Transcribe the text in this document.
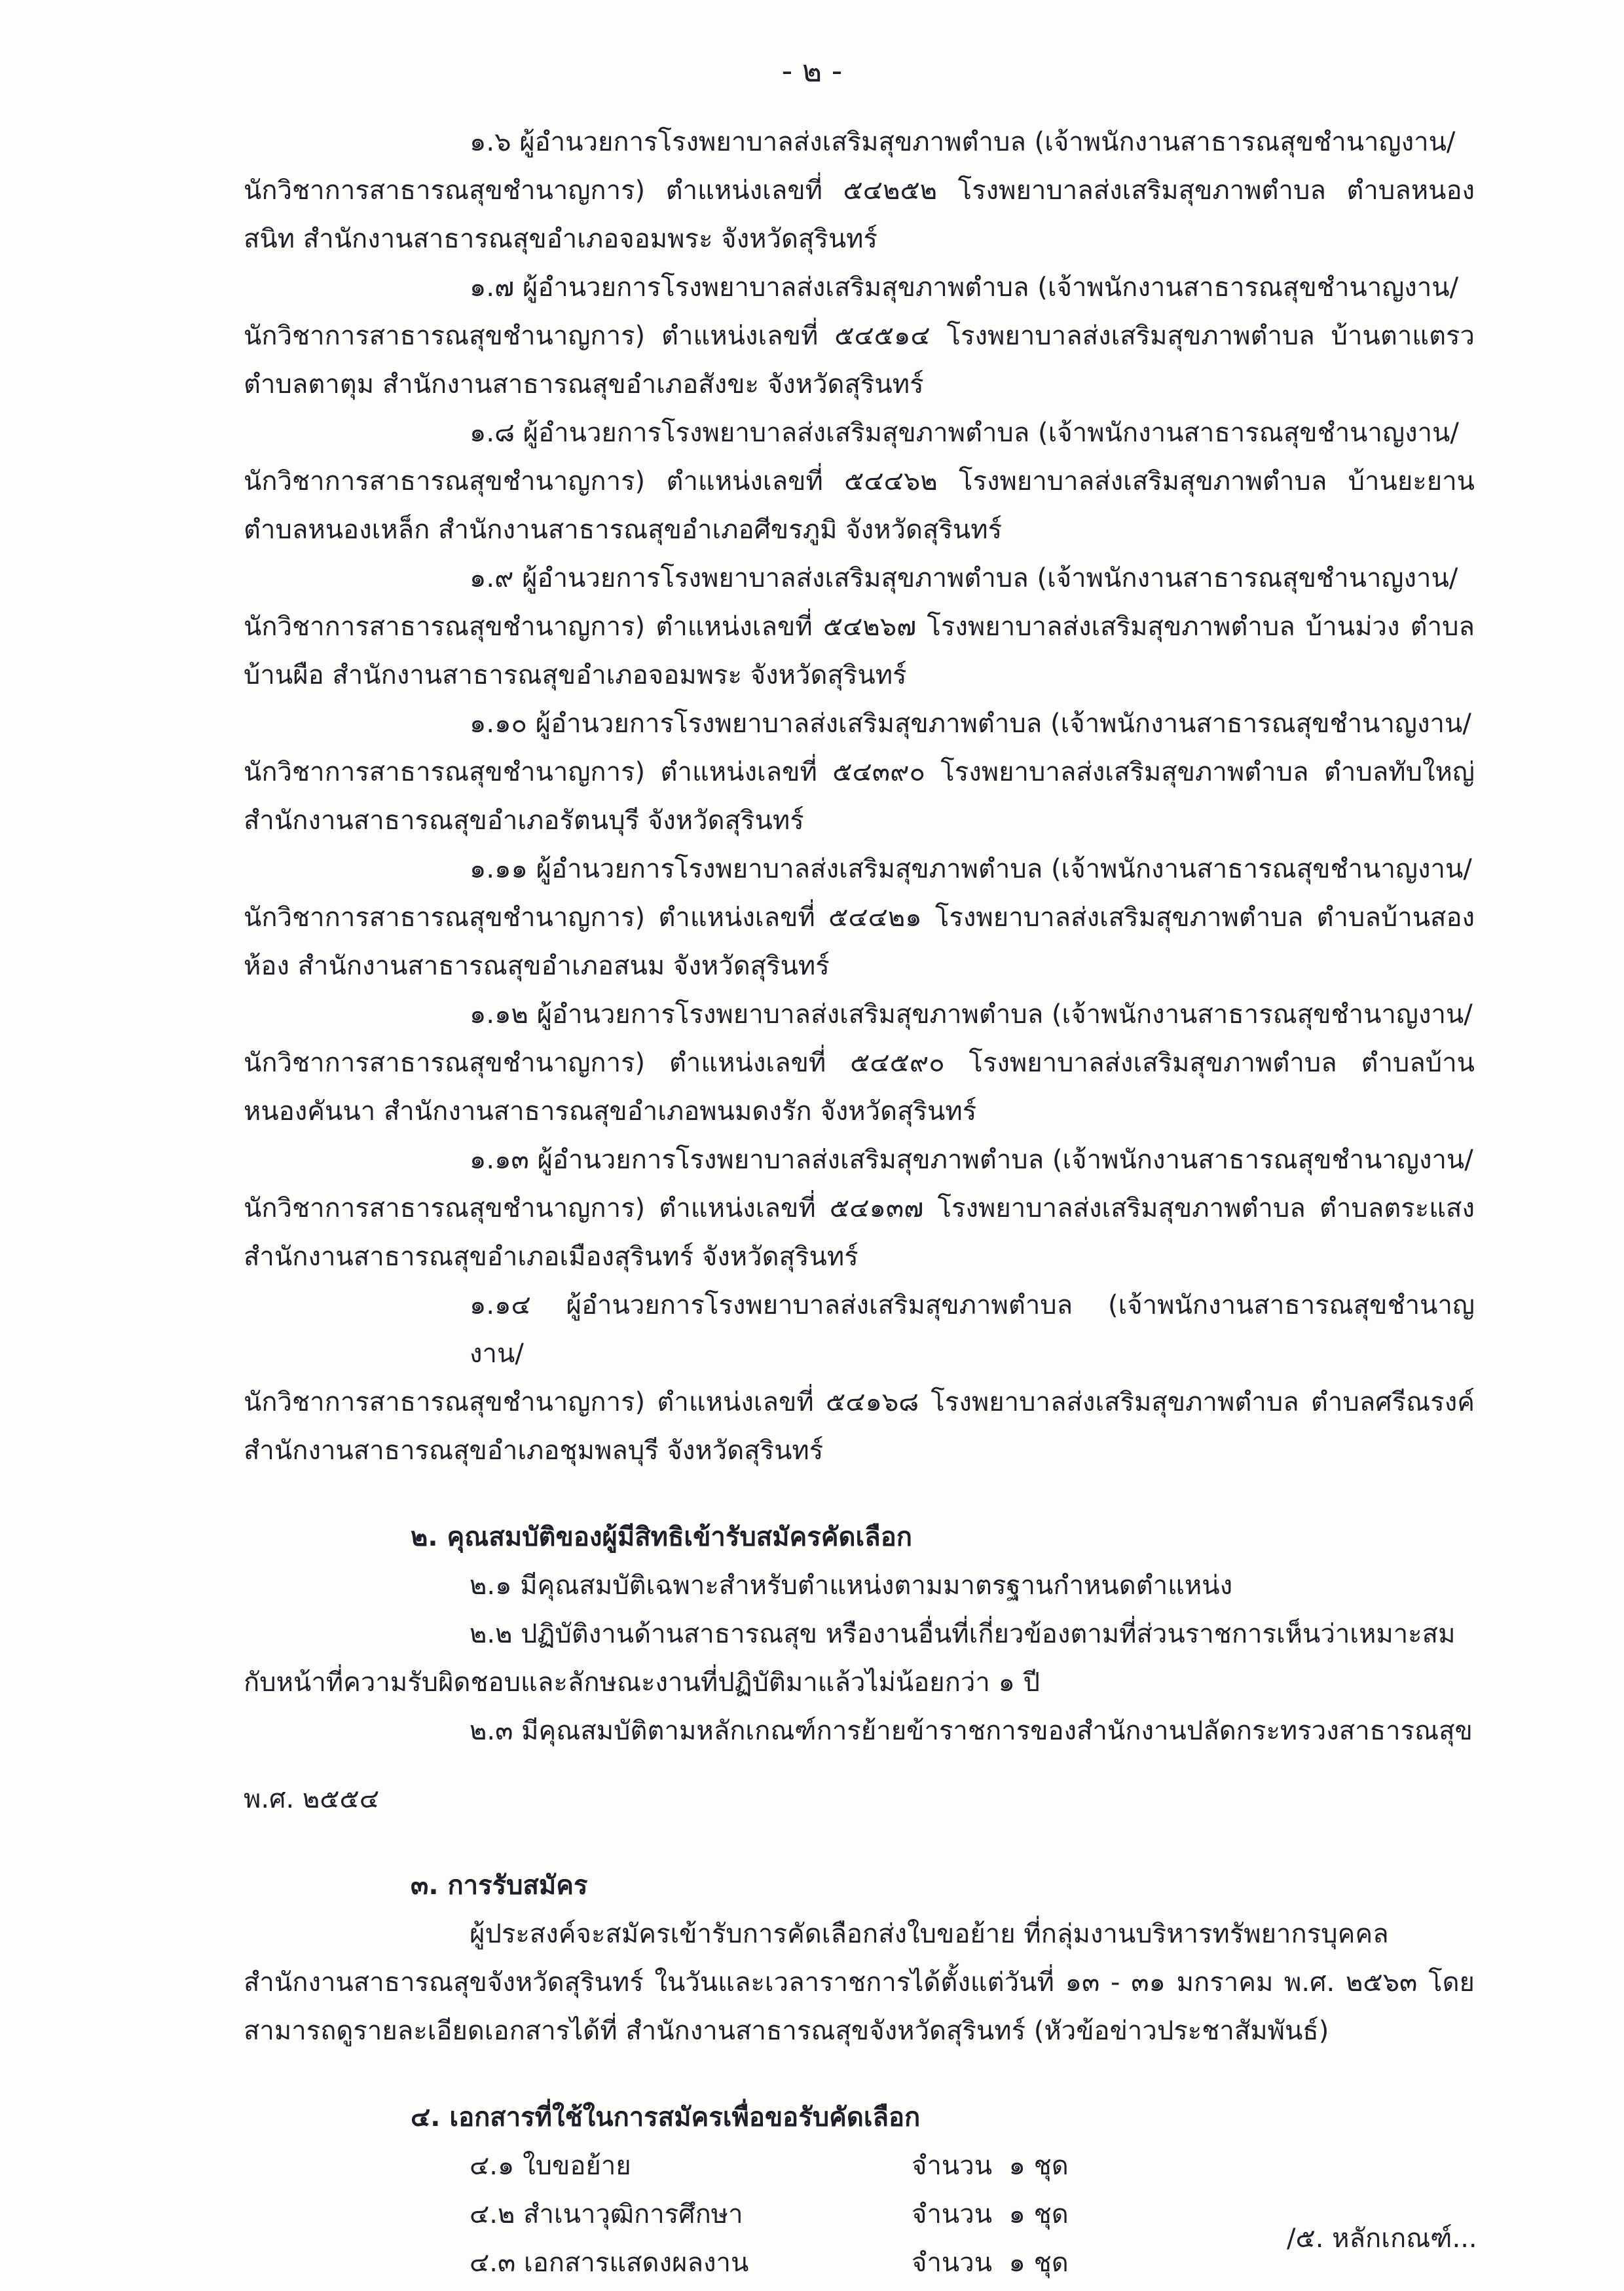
- ๒ -

๑.๖ ผู้อำนวยการโรงพยาบาลส่งเสริมสุขภาพตำบล (เจ้าพนักงานสาธารณสุขชำนาญงาน/
นักวิชาการสาธารณสุขชำนาญการ) ตำแหน่งเลขที่ ๕๔๒๕๒ โรงพยาบาลส่งเสริมสุขภาพตำบล ตำบลหนองสนิท สำนักงานสาธารณสุขอำเภอจอมพระ จังหวัดสุรินทร์

๑.๗ ผู้อำนวยการโรงพยาบาลส่งเสริมสุขภาพตำบล (เจ้าพนักงานสาธารณสุขชำนาญงาน/
นักวิชาการสาธารณสุขชำนาญการ) ตำแหน่งเลขที่ ๕๔๕๑๔ โรงพยาบาลส่งเสริมสุขภาพตำบล บ้านตาแตรว ตำบลตาตุม สำนักงานสาธารณสุขอำเภอสังขะ จังหวัดสุรินทร์

๑.๘ ผู้อำนวยการโรงพยาบาลส่งเสริมสุขภาพตำบล (เจ้าพนักงานสาธารณสุขชำนาญงาน/
นักวิชาการสาธารณสุขชำนาญการ) ตำแหน่งเลขที่ ๕๔๔๖๒ โรงพยาบาลส่งเสริมสุขภาพตำบล บ้านยะยาน ตำบลหนองเหล็ก สำนักงานสาธารณสุขอำเภอศีขรภูมิ จังหวัดสุรินทร์

๑.๙ ผู้อำนวยการโรงพยาบาลส่งเสริมสุขภาพตำบล (เจ้าพนักงานสาธารณสุขชำนาญงาน/
นักวิชาการสาธารณสุขชำนาญการ) ตำแหน่งเลขที่ ๕๔๒๖๗ โรงพยาบาลส่งเสริมสุขภาพตำบล บ้านม่วง ตำบลบ้านผือ สำนักงานสาธารณสุขอำเภอจอมพระ จังหวัดสุรินทร์

๑.๑๐ ผู้อำนวยการโรงพยาบาลส่งเสริมสุขภาพตำบล (เจ้าพนักงานสาธารณสุขชำนาญงาน/
นักวิชาการสาธารณสุขชำนาญการ) ตำแหน่งเลขที่ ๕๔๓๙๐ โรงพยาบาลส่งเสริมสุขภาพตำบล ตำบลทับใหญ่ สำนักงานสาธารณสุขอำเภอรัตนบุรี จังหวัดสุรินทร์

๑.๑๑ ผู้อำนวยการโรงพยาบาลส่งเสริมสุขภาพตำบล (เจ้าพนักงานสาธารณสุขชำนาญงาน/
นักวิชาการสาธารณสุขชำนาญการ) ตำแหน่งเลขที่ ๕๔๔๒๑ โรงพยาบาลส่งเสริมสุขภาพตำบล ตำบลบ้านสองห้อง สำนักงานสาธารณสุขอำเภอสนม จังหวัดสุรินทร์

๑.๑๒ ผู้อำนวยการโรงพยาบาลส่งเสริมสุขภาพตำบล (เจ้าพนักงานสาธารณสุขชำนาญงาน/
นักวิชาการสาธารณสุขชำนาญการ) ตำแหน่งเลขที่ ๕๔๕๙๐ โรงพยาบาลส่งเสริมสุขภาพตำบล ตำบลบ้านหนองคันนา สำนักงานสาธารณสุขอำเภอพนมดงรัก จังหวัดสุรินทร์

๑.๑๓ ผู้อำนวยการโรงพยาบาลส่งเสริมสุขภาพตำบล (เจ้าพนักงานสาธารณสุขชำนาญงาน/
นักวิชาการสาธารณสุขชำนาญการ) ตำแหน่งเลขที่ ๕๔๑๓๗ โรงพยาบาลส่งเสริมสุขภาพตำบล ตำบลตระแสง สำนักงานสาธารณสุขอำเภอเมืองสุรินทร์ จังหวัดสุรินทร์

๑.๑๔ ผู้อำนวยการโรงพยาบาลส่งเสริมสุขภาพตำบล (เจ้าพนักงานสาธารณสุขชำนาญงาน/
นักวิชาการสาธารณสุขชำนาญการ) ตำแหน่งเลขที่ ๕๔๑๖๘ โรงพยาบาลส่งเสริมสุขภาพตำบล ตำบลศรีณรงค์ สำนักงานสาธารณสุขอำเภอชุมพลบุรี จังหวัดสุรินทร์

๒. คุณสมบัติของผู้มีสิทธิเข้ารับสมัครคัดเลือก

๒.๑ มีคุณสมบัติเฉพาะสำหรับตำแหน่งตามมาตรฐานกำหนดตำแหน่ง

๒.๒ ปฏิบัติงานด้านสาธารณสุข หรืองานอื่นที่เกี่ยวข้องตามที่ส่วนราชการเห็นว่าเหมาะสม
กับหน้าที่ความรับผิดชอบและลักษณะงานที่ปฏิบัติมาแล้วไม่น้อยกว่า ๑ ปี

๒.๓ มีคุณสมบัติตามหลักเกณฑ์การย้ายข้าราชการของสำนักงานปลัดกระทรวงสาธารณสุข
พ.ศ. ๒๕๕๔

๓. การรับสมัคร

ผู้ประสงค์จะสมัครเข้ารับการคัดเลือกส่งใบขอย้าย ที่กลุ่มงานบริหารทรัพยากรบุคคล
สำนักงานสาธารณสุขจังหวัดสุรินทร์ ในวันและเวลาราชการได้ตั้งแต่วันที่ ๑๓ - ๓๑ มกราคม พ.ศ. ๒๕๖๓ โดยสามารถดูรายละเอียดเอกสารได้ที่ สำนักงานสาธารณสุขจังหวัดสุรินทร์ (หัวข้อข่าวประชาสัมพันธ์)

๔. เอกสารที่ใช้ในการสมัครเพื่อขอรับคัดเลือก

๔.๑ ใบขอย้าย	จำนวน  ๑ ชุด
๔.๒ สำเนาวุฒิการศึกษา	จำนวน  ๑ ชุด
๔.๓ เอกสารแสดงผลงาน	จำนวน  ๑ ชุด
/๕. หลักเกณฑ์...
